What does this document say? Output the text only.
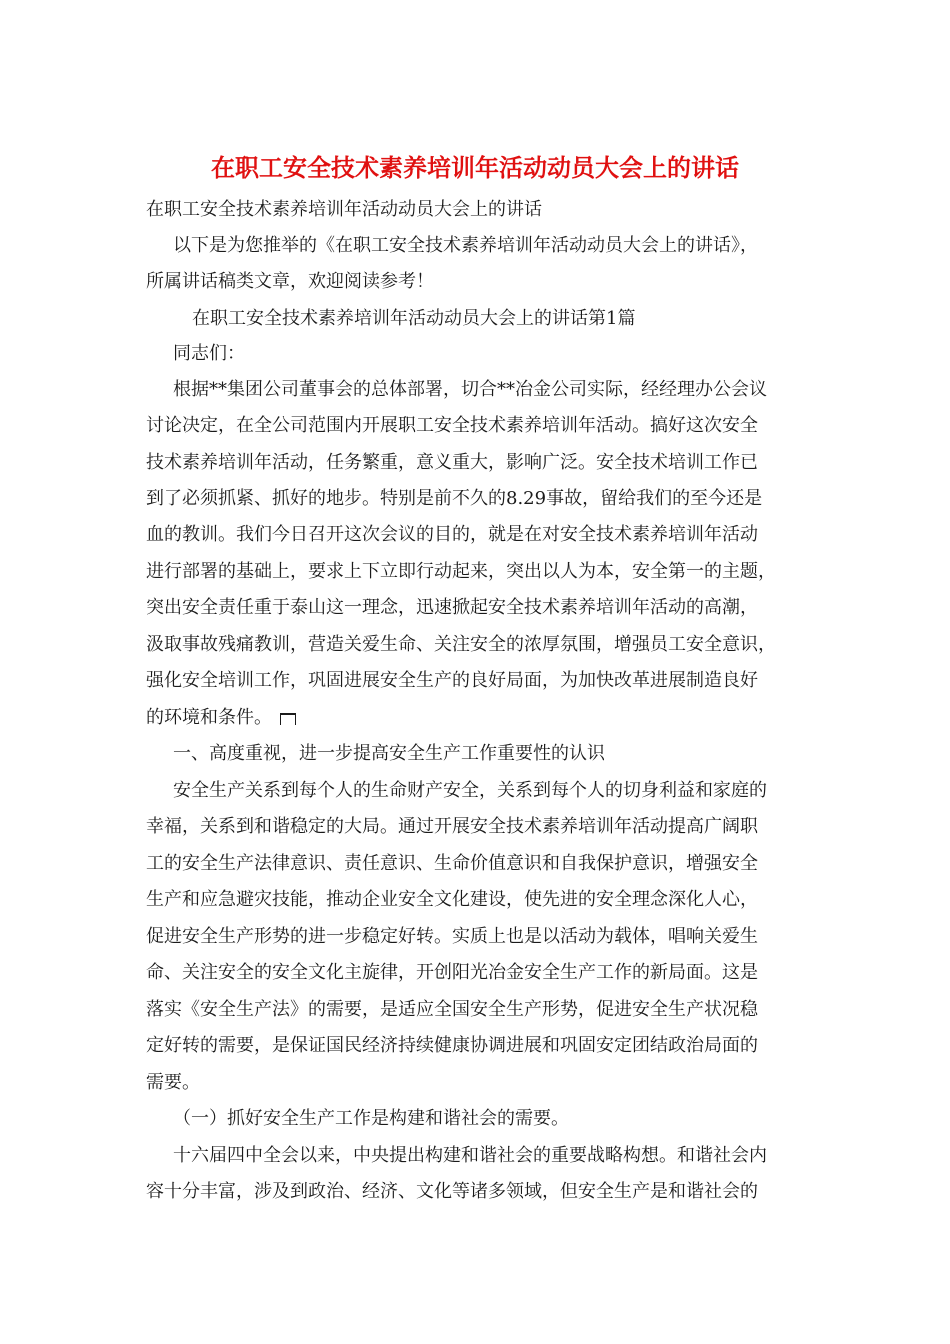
在职工安全技术素养培训年活动动员大会上的讲话
在职工安全技术素养培训年活动动员大会上的讲话
以下是为您推举的《在职工安全技术素养培训年活动动员大会上的讲话》，
所属讲话稿类文章，欢迎阅读参考！
在职工安全技术素养培训年活动动员大会上的讲话第1篇
同志们：
根据**集团公司董事会的总体部署，切合**冶金公司实际，经经理办公会议
讨论决定，在全公司范围内开展职工安全技术素养培训年活动。搞好这次安全
技术素养培训年活动，任务繁重，意义重大，影响广泛。安全技术培训工作已
到了必须抓紧、抓好的地步。特别是前不久的8.29事故，留给我们的至今还是
血的教训。我们今日召开这次会议的目的，就是在对安全技术素养培训年活动
进行部署的基础上，要求上下立即行动起来，突出以人为本，安全第一的主题，
突出安全责任重于泰山这一理念，迅速掀起安全技术素养培训年活动的高潮，
汲取事故残痛教训，营造关爱生命、关注安全的浓厚氛围，增强员工安全意识，
强化安全培训工作，巩固进展安全生产的良好局面，为加快改革进展制造良好
的环境和条件。
一、高度重视，进一步提高安全生产工作重要性的认识
安全生产关系到每个人的生命财产安全，关系到每个人的切身利益和家庭的
幸福，关系到和谐稳定的大局。通过开展安全技术素养培训年活动提高广阔职
工的安全生产法律意识、责任意识、生命价值意识和自我保护意识，增强安全
生产和应急避灾技能，推动企业安全文化建设，使先进的安全理念深化人心，
促进安全生产形势的进一步稳定好转。实质上也是以活动为载体，唱响关爱生
命、关注安全的安全文化主旋律，开创阳光冶金安全生产工作的新局面。这是
落实《安全生产法》的需要，是适应全国安全生产形势，促进安全生产状况稳
定好转的需要，是保证国民经济持续健康协调进展和巩固安定团结政治局面的
需要。
（一）抓好安全生产工作是构建和谐社会的需要。
十六届四中全会以来，中央提出构建和谐社会的重要战略构想。和谐社会内
容十分丰富，涉及到政治、经济、文化等诸多领域，但安全生产是和谐社会的
